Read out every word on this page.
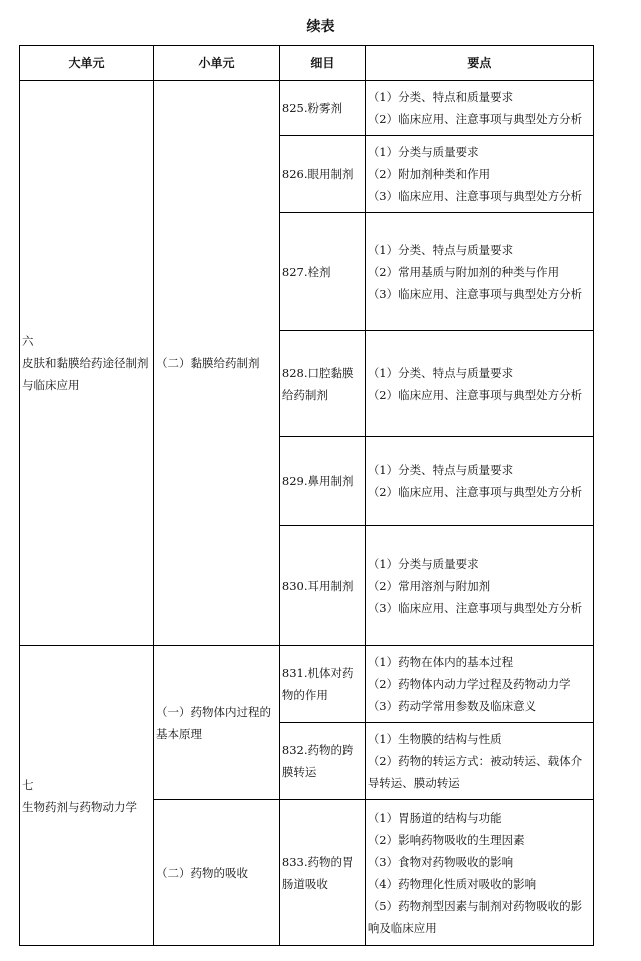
续表
大单元	小单元	细目	要点

六
皮肤和黏膜给药途径制剂与临床应用	（二）黏膜给药制剂	825.粉雾剂	（1）分类、特点和质量要求
（2）临床应用、注意事项与典型处方分析

		826.眼用制剂	（1）分类与质量要求
（2）附加剂种类和作用
（3）临床应用、注意事项与典型处方分析

		827.栓剂	（1）分类、特点与质量要求
（2）常用基质与附加剂的种类与作用
（3）临床应用、注意事项与典型处方分析

		828.口腔黏膜给药制剂	（1）分类、特点与质量要求
（2）临床应用、注意事项与典型处方分析

		829.鼻用制剂	（1）分类、特点与质量要求
（2）临床应用、注意事项与典型处方分析

		830.耳用制剂	（1）分类与质量要求
（2）常用溶剂与附加剂
（3）临床应用、注意事项与典型处方分析

七
生物药剂与药物动力学	（一）药物体内过程的基本原理	831.机体对药物的作用	（1）药物在体内的基本过程
（2）药物体内动力学过程及药物动力学
（3）药动学常用参数及临床意义

		832.药物的跨膜转运	（1）生物膜的结构与性质
（2）药物的转运方式：被动转运、载体介导转运、膜动转运

	（二）药物的吸收	833.药物的胃肠道吸收	（1）胃肠道的结构与功能
（2）影响药物吸收的生理因素
（3）食物对药物吸收的影响
（4）药物理化性质对吸收的影响
（5）药物剂型因素与制剂对药物吸收的影响及临床应用
